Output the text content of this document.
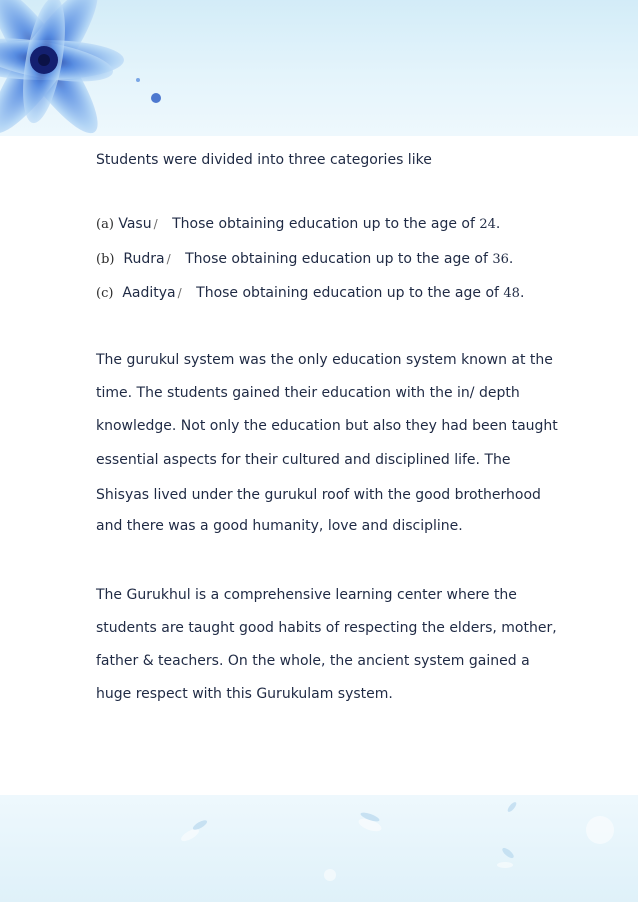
Students were divided into three categories like
(a) Vasu / Those obtaining education up to the age of 24.
(b) Rudra / Those obtaining education up to the age of 36.
(c) Aaditya / Those obtaining education up to the age of 48.
The gurukul system was the only education system known at the
time. The students gained their education with the in/ depth
knowledge. Not only the education but also they had been taught
essential aspects for their cultured and disciplined life. The
Shisyas lived under the gurukul roof with the good brotherhood
and there was a good humanity, love and discipline.
The Gurukhul is a comprehensive learning center where the
students are taught good habits of respecting the elders, mother,
father & teachers. On the whole, the ancient system gained a
huge respect with this Gurukulam system.
